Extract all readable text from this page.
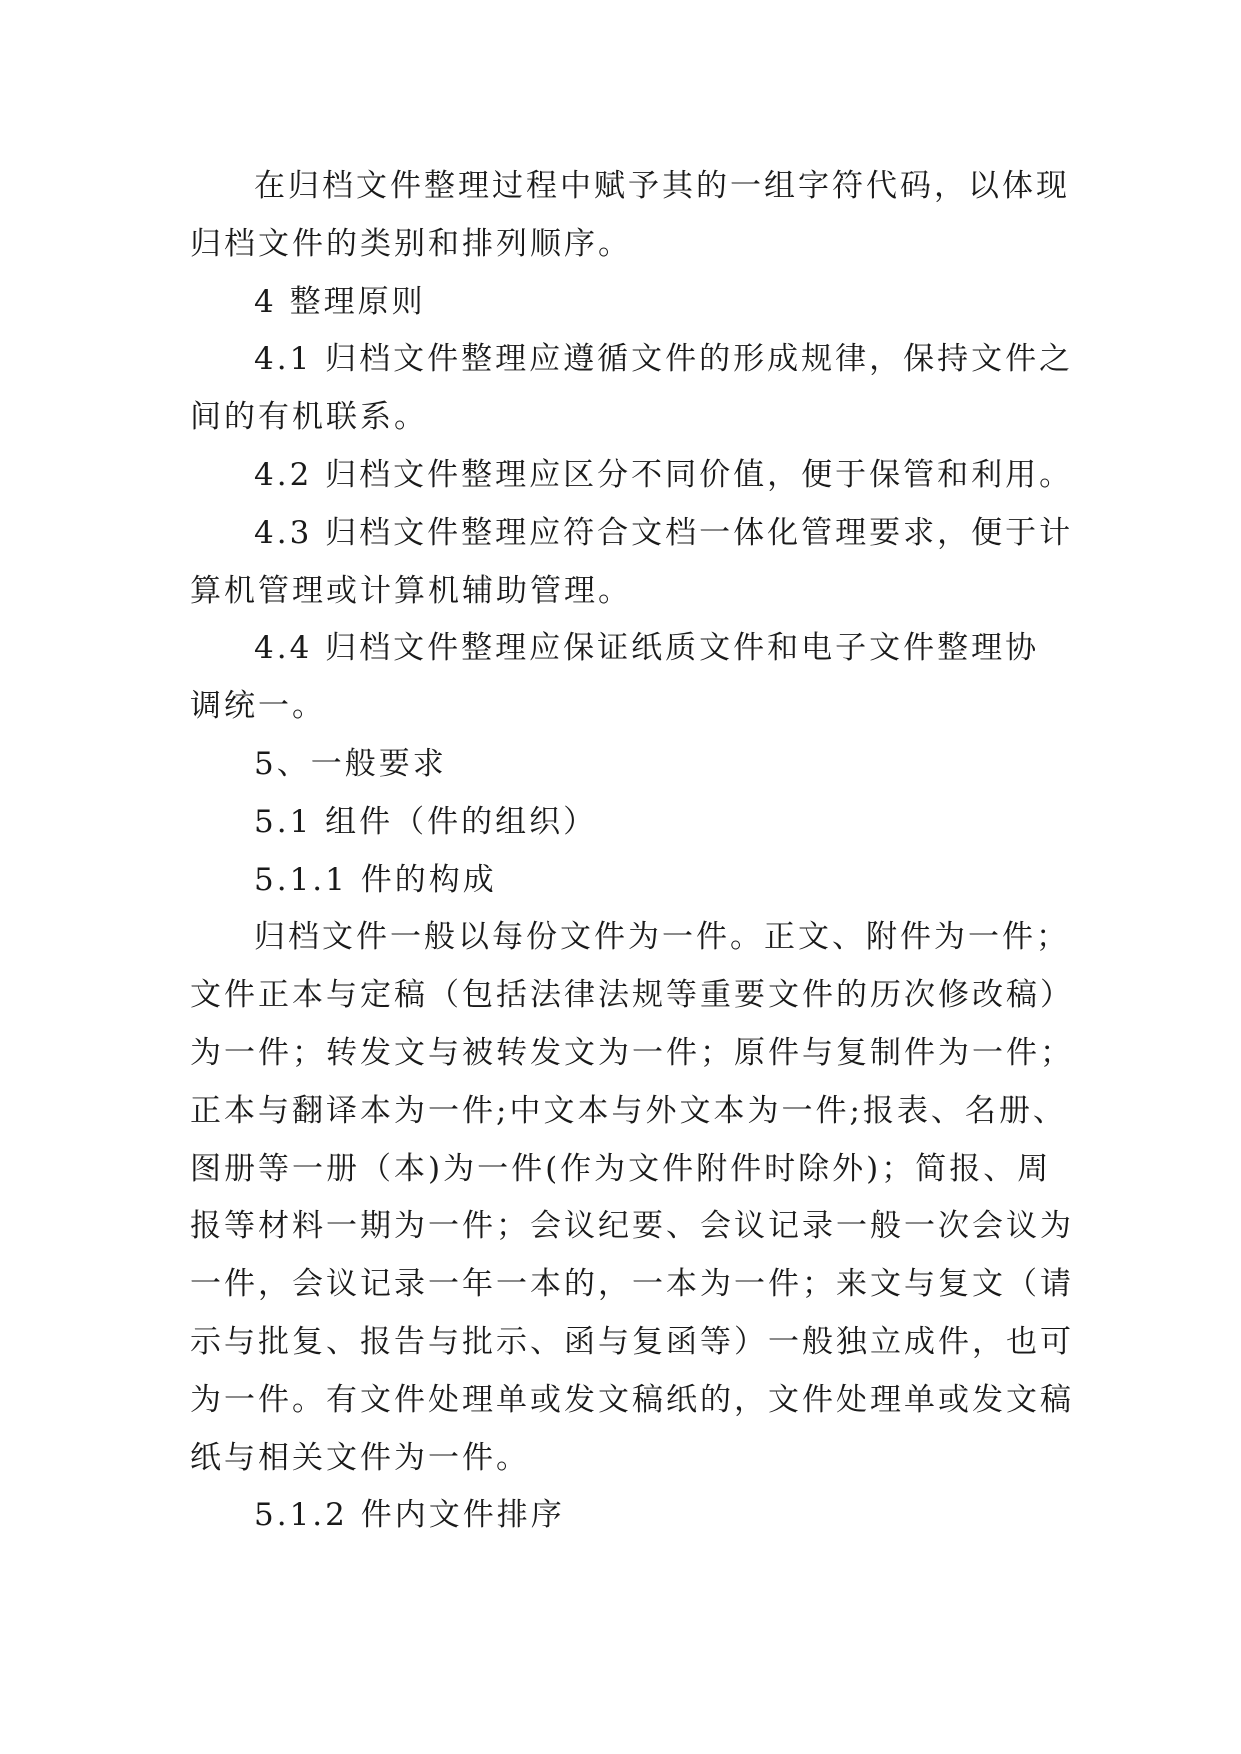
在归档文件整理过程中赋予其的一组字符代码，以体现
归档文件的类别和排列顺序。
4 整理原则
4.1 归档文件整理应遵循文件的形成规律，保持文件之
间的有机联系。
4.2 归档文件整理应区分不同价值，便于保管和利用。
4.3 归档文件整理应符合文档一体化管理要求，便于计
算机管理或计算机辅助管理。
4.4 归档文件整理应保证纸质文件和电子文件整理协
调统一。
5、一般要求
5.1 组件（件的组织）
5.1.1 件的构成
归档文件一般以每份文件为一件。正文、附件为一件；
文件正本与定稿（包括法律法规等重要文件的历次修改稿）
为一件；转发文与被转发文为一件；原件与复制件为一件；
正本与翻译本为一件;中文本与外文本为一件;报表、名册、
图册等一册（本)为一件(作为文件附件时除外)；简报、周
报等材料一期为一件；会议纪要、会议记录一般一次会议为
一件，会议记录一年一本的，一本为一件；来文与复文（请
示与批复、报告与批示、函与复函等）一般独立成件，也可
为一件。有文件处理单或发文稿纸的，文件处理单或发文稿
纸与相关文件为一件。
5.1.2 件内文件排序
